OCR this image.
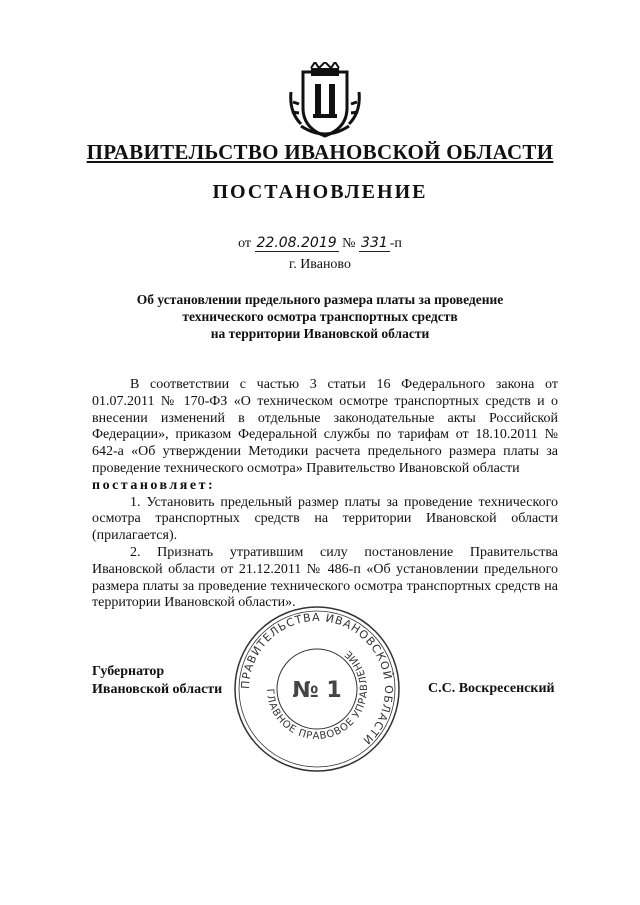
ПРАВИТЕЛЬСТВО ИВАНОВСКОЙ ОБЛАСТИ
ПОСТАНОВЛЕНИЕ
от 22.08.2019 № 331 -п
г. Иваново
Об установлении предельного размера платы за проведение
технического осмотра транспортных средств
на территории Ивановской области

В соответствии с частью 3 статьи 16 Федерального закона от 01.07.2011 № 170-ФЗ «О техническом осмотре транспортных средств и о внесении изменений в отдельные законодательные акты Российской Федерации», приказом Федеральной службы по тарифам от 18.10.2011 № 642-а «Об утверждении Методики расчета предельного размера платы за проведение технического осмотра» Правительство Ивановской области

постановляет:

1. Установить предельный размер платы за проведение технического осмотра транспортных средств на территории Ивановской области (прилагается).

2. Признать утратившим силу постановление Правительства Ивановской области от 21.12.2011 № 486-п «Об установлении предельного размера платы за проведение технического осмотра транспортных средств на территории Ивановской области».

Губернатор
Ивановской области	С.С. Воскресенский
ПРАВИТЕЛЬСТВА ИВАНОВСКОЙ ОБЛАСТИ
ГЛАВНОЕ ПРАВОВОЕ УПРАВЛЕНИЕ
№ 1
